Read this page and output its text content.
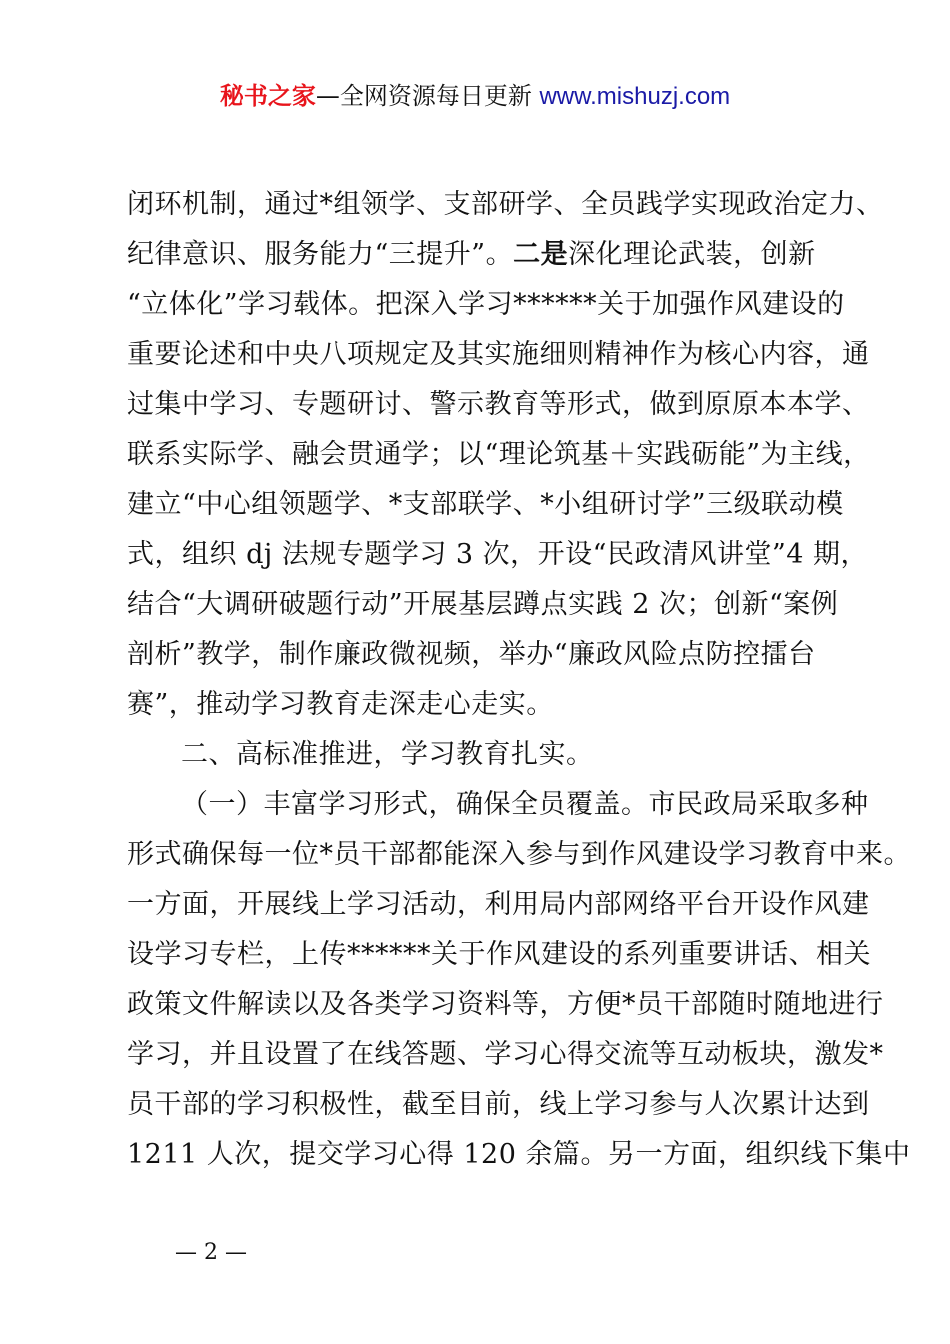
秘书之家—全网资源每日更新 www.mishuzj.com
闭环机制，通过*组领学、支部研学、全员践学实现政治定力、
纪律意识、服务能力“三提升”。二是深化理论武装，创新
“立体化”学习载体。把深入学习******关于加强作风建设的
重要论述和中央八项规定及其实施细则精神作为核心内容，通
过集中学习、专题研讨、警示教育等形式，做到原原本本学、
联系实际学、融会贯通学；以“理论筑基＋实践砺能”为主线，
建立“中心组领题学、*支部联学、*小组研讨学”三级联动模
式，组织 dj 法规专题学习 3 次，开设“民政清风讲堂”4 期，
结合“大调研破题行动”开展基层蹲点实践 2 次；创新“案例
剖析”教学，制作廉政微视频，举办“廉政风险点防控擂台
赛”，推动学习教育走深走心走实。
二、高标准推进，学习教育扎实。
（一）丰富学习形式，确保全员覆盖。市民政局采取多种
形式确保每一位*员干部都能深入参与到作风建设学习教育中来。
一方面，开展线上学习活动，利用局内部网络平台开设作风建
设学习专栏，上传******关于作风建设的系列重要讲话、相关
政策文件解读以及各类学习资料等，方便*员干部随时随地进行
学习，并且设置了在线答题、学习心得交流等互动板块，激发*
员干部的学习积极性，截至目前，线上学习参与人次累计达到
1211 人次，提交学习心得 120 余篇。另一方面，组织线下集中
— 2 —
